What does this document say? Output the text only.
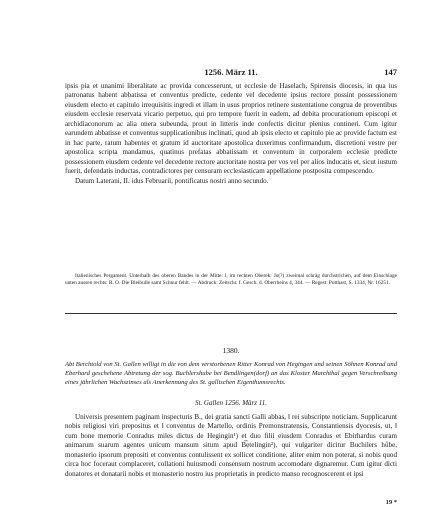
1256. März 11.	147

ipsis pia et unanimi liberalitate ac provida concesserunt, ut ecclesie de Haselach, Spirensis diocesis, in qua ius patronatus habent abbatissa et conventus predicte, cedente vel decedente ipsius rectore possint possessionem eiusdem electo et capitulo irrequisitis ingredi et illam in usus proprios retinere sustentatione congrua de proventibus eiusdem ecclesie reservata vicario perpetuo, qui pro tempore fuerit in eadem, ad debita procurationum episcopi et archidiaconorum ac alia onera subeunda, prout in litteris inde confectis dicitur plenius contineri. Cum igitur earundem abbatisse et conventus supplicationibus inclinati, quod ab ipsis electo et capitulo pie ac provide factum est in hac parte, ratum habentes et gratum id auctoritate apostolica duxerimus confirmandum, discretioni vestre per apostolica scripta mandamus, quatinus prefatas abbatissam et conventum in corporalem ecclesie predicte possessionem eiusdem cedente vel decedente rectore auctoritate nostra per vos vel per alios inducatis et, sicut iustum fuerit, defendatis inductas, contradictores per censuram ecclesiasticam appellatione postposita compescendo.

Datum Laterani, II. idus Februarii, pontificatus nostri anno secundo.

Italienisches Pergament. Unterhalb des oberen Bandes in der Mitte: l, im rechten Oberek: Jo(?) zweimal schräg durchstrichen, auf dem Einschlage unten aussen rechts: R. O. Die Bleibulle samt Schnur fehlt. — Abdruck: Zeitschr. f. Gesch. d. Oberrheins 4, 344. — Regest: Potthast, S. 1334, Nr. 16251.
1380.
Abt Berchtold von St. Gallen willigt in die von dem verstorbenen Ritter Konrad von Hegingen und seinen Söhnen Konrad und Eberhard geschehene Abtretung der sog. Buchlershube bei Bendlingen(dorf) an das Kloster Marchthal gegen Verschreibung eines jährlichen Wachszinses als Anerkennung des St. gallischen Eigenthumsrechts.
St. Gallen 1256. März 11.

Universis presentem paginam inspecturis B., dei gratia sancti Galli abbas, ‖ rei subscripte noticiam. Supplicarunt nobis religiosi viri prepositus et ‖ conventus de Martello, ordinis Premonstratensis, Constantiensis dyocesis, ut, ‖ cum bone memorie Conradus miles dictus de Hegingin¹) et duo filii eiusdem Conradus et Ebirhardus curam animarum suarum agentes unicum mansum situm apud B͡ẹtelingin²), qui vulgariter dicitur Buchilers hůbe, monasterio ipsorum prepositi et conventus contulissent ex sollicet conditione, aliter enim non poterat, si nobis quod circa hoc foceraut complaceret, collationi huiusmodi consensum nostrum accomodare dignaremur. Cum igitur dicti donatores et donatarii nobis et monasterio nostro ius proprietatis in predicto manso recognoscerent et ipsi

19 *
